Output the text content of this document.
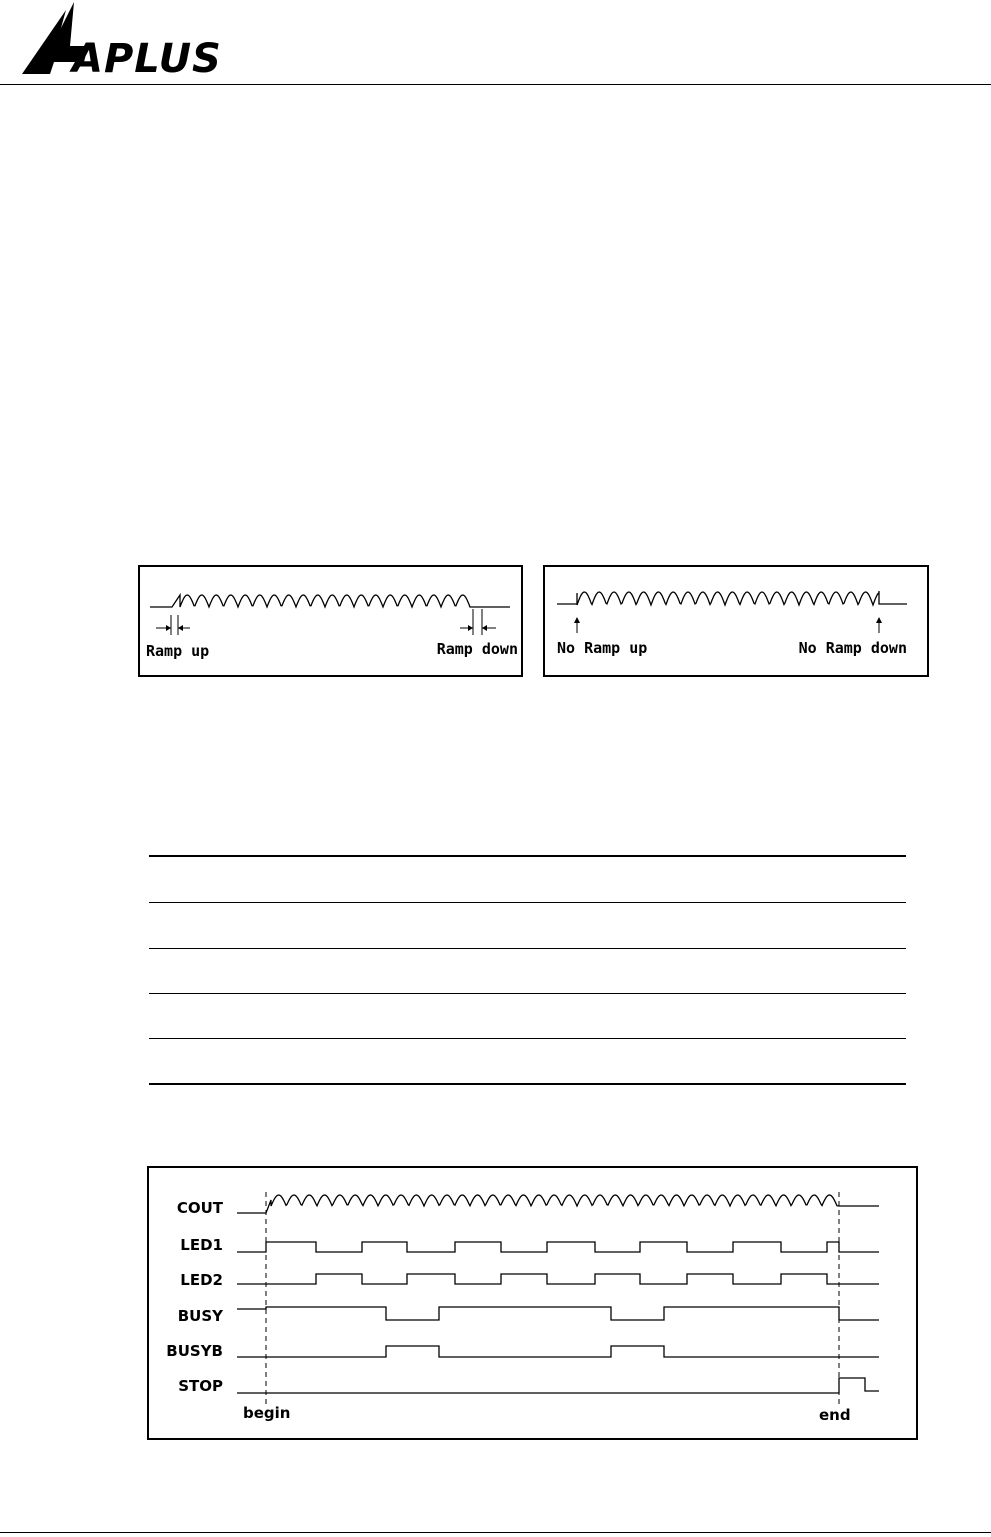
APLUS
Ramp up	Ramp down	No Ramp up	No Ramp down
COUT
LED1
LED2
BUSY
BUSYB
STOP
begin	end
